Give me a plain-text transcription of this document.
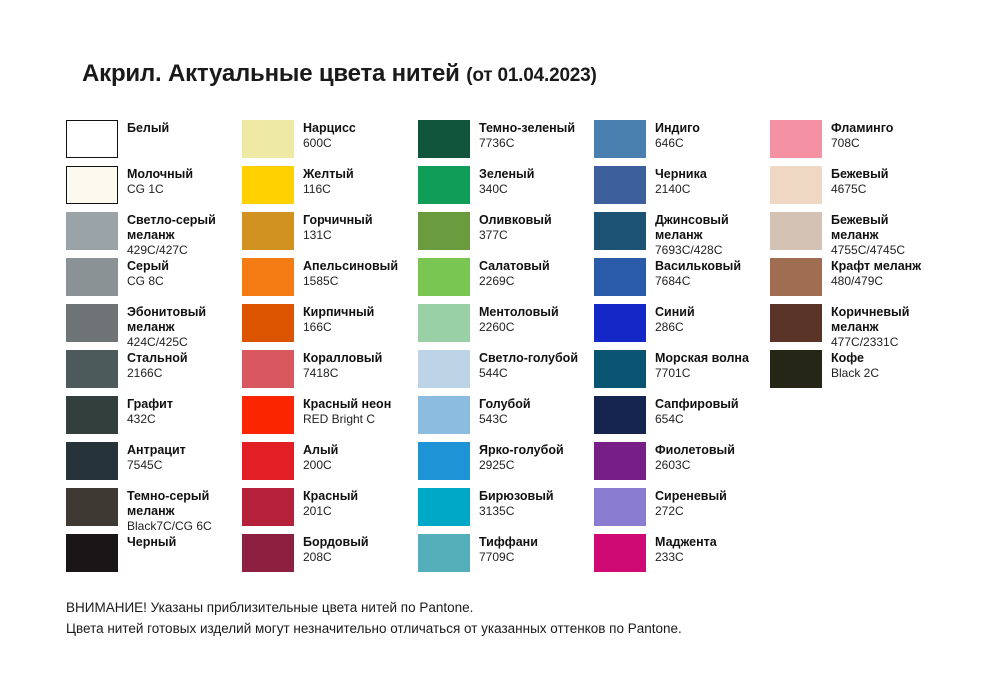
Акрил. Актуальные цвета нитей (от 01.04.2023)
Белый
Молочный
CG 1C
Светло-серый меланж
429C/427C
Серый
CG 8C
Эбонитовый меланж
424C/425C
Стальной
2166C
Графит
432C
Антрацит
7545C
Темно-серый меланж
Black7C/CG 6C
Черный
Нарцисс
600C
Желтый
116C
Горчичный
131C
Апельсиновый
1585C
Кирпичный
166C
Коралловый
7418C
Красный неон
RED Bright C
Алый
200C
Красный
201C
Бордовый
208C
Темно-зеленый
7736C
Зеленый
340C
Оливковый
377C
Салатовый
2269C
Ментоловый
2260C
Светло-голубой
544C
Голубой
543C
Ярко-голубой
2925C
Бирюзовый
3135C
Тиффани
7709C
Индиго
646C
Черника
2140C
Джинсовый меланж
7693C/428C
Васильковый
7684C
Синий
286C
Морская волна
7701C
Сапфировый
654C
Фиолетовый
2603C
Сиреневый
272C
Маджента
233C
Фламинго
708C
Бежевый
4675C
Бежевый меланж
4755C/4745C
Крафт меланж
480/479C
Коричневый меланж
477C/2331C
Кофе
Black 2C
ВНИМАНИЕ! Указаны приблизительные цвета нитей по Pantone.
Цвета нитей готовых изделий могут незначительно отличаться от указанных оттенков по Pantone.
